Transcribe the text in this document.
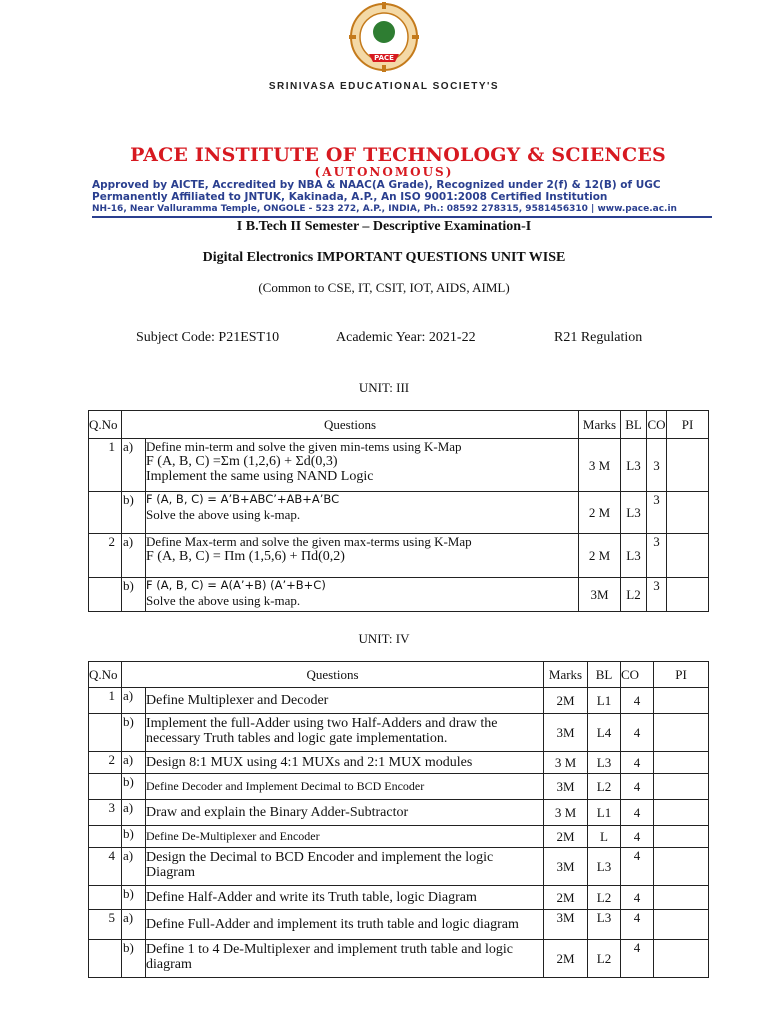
PACE
SRINIVASA EDUCATIONAL SOCIETY'S
PACE INSTITUTE OF TECHNOLOGY & SCIENCES
(AUTONOMOUS)
Approved by AICTE, Accredited by NBA & NAAC(A Grade), Recognized under 2(f) & 12(B) of UGC
Permanently Affiliated to JNTUK, Kakinada, A.P., An ISO 9001:2008 Certified Institution
NH-16, Near Valluramma Temple, ONGOLE - 523 272, A.P., INDIA, Ph.: 08592 278315, 9581456310 | www.pace.ac.in
I B.Tech II Semester – Descriptive Examination-I
Digital Electronics IMPORTANT QUESTIONS UNIT WISE
(Common to CSE, IT, CSIT, IOT, AIDS, AIML)
Subject Code: P21EST10	Academic Year: 2021-22	R21 Regulation
UNIT: III
Q.No	Questions		Marks	BL	CO	PI
1	a)	Define min-term and solve the given min-tems using K-Map
F (A, B, C) =Σm (1,2,6) + Σd(0,3)
Implement the same using NAND Logic	3 M	L3	3	
	b)	F (A, B, C) = A’B+ABC’+AB+A’BC
Solve the above using k-map.	2 M	L3	3	
2	a)	Define Max-term and solve the given max-terms using K-Map
F (A, B, C) = Πm (1,5,6) + Πd(0,2)	2 M	L3	3	
	b)	F (A, B, C) = A(A’+B) (A’+B+C)
Solve the above using k-map.	3M	L2	3	
UNIT: IV
Q.No	Questions		Marks	BL	CO	PI
1	a)	Define Multiplexer and Decoder	2M	L1	4	
	b)	Implement the full-Adder using two Half-Adders and draw the
necessary Truth tables and logic gate implementation.	3M	L4	4	
2	a)	Design 8:1 MUX using 4:1 MUXs and 2:1 MUX modules	3 M	L3	4	
	b)	Define Decoder and Implement Decimal to BCD Encoder	3M	L2	4	
3	a)	Draw and explain the Binary Adder-Subtractor	3 M	L1	4	
	b)	Define De-Multiplexer and Encoder	2M	L	4	
4	a)	Design the Decimal to BCD Encoder and implement the logic
Diagram	3M	L3	4	
	b)	Define Half-Adder and write its Truth table, logic Diagram	2M	L2	4	
5	a)	Define Full-Adder and implement its truth table and logic diagram	3M	L3	4	
	b)	Define 1 to 4 De-Multiplexer and implement truth table and logic
diagram	2M	L2	4	
